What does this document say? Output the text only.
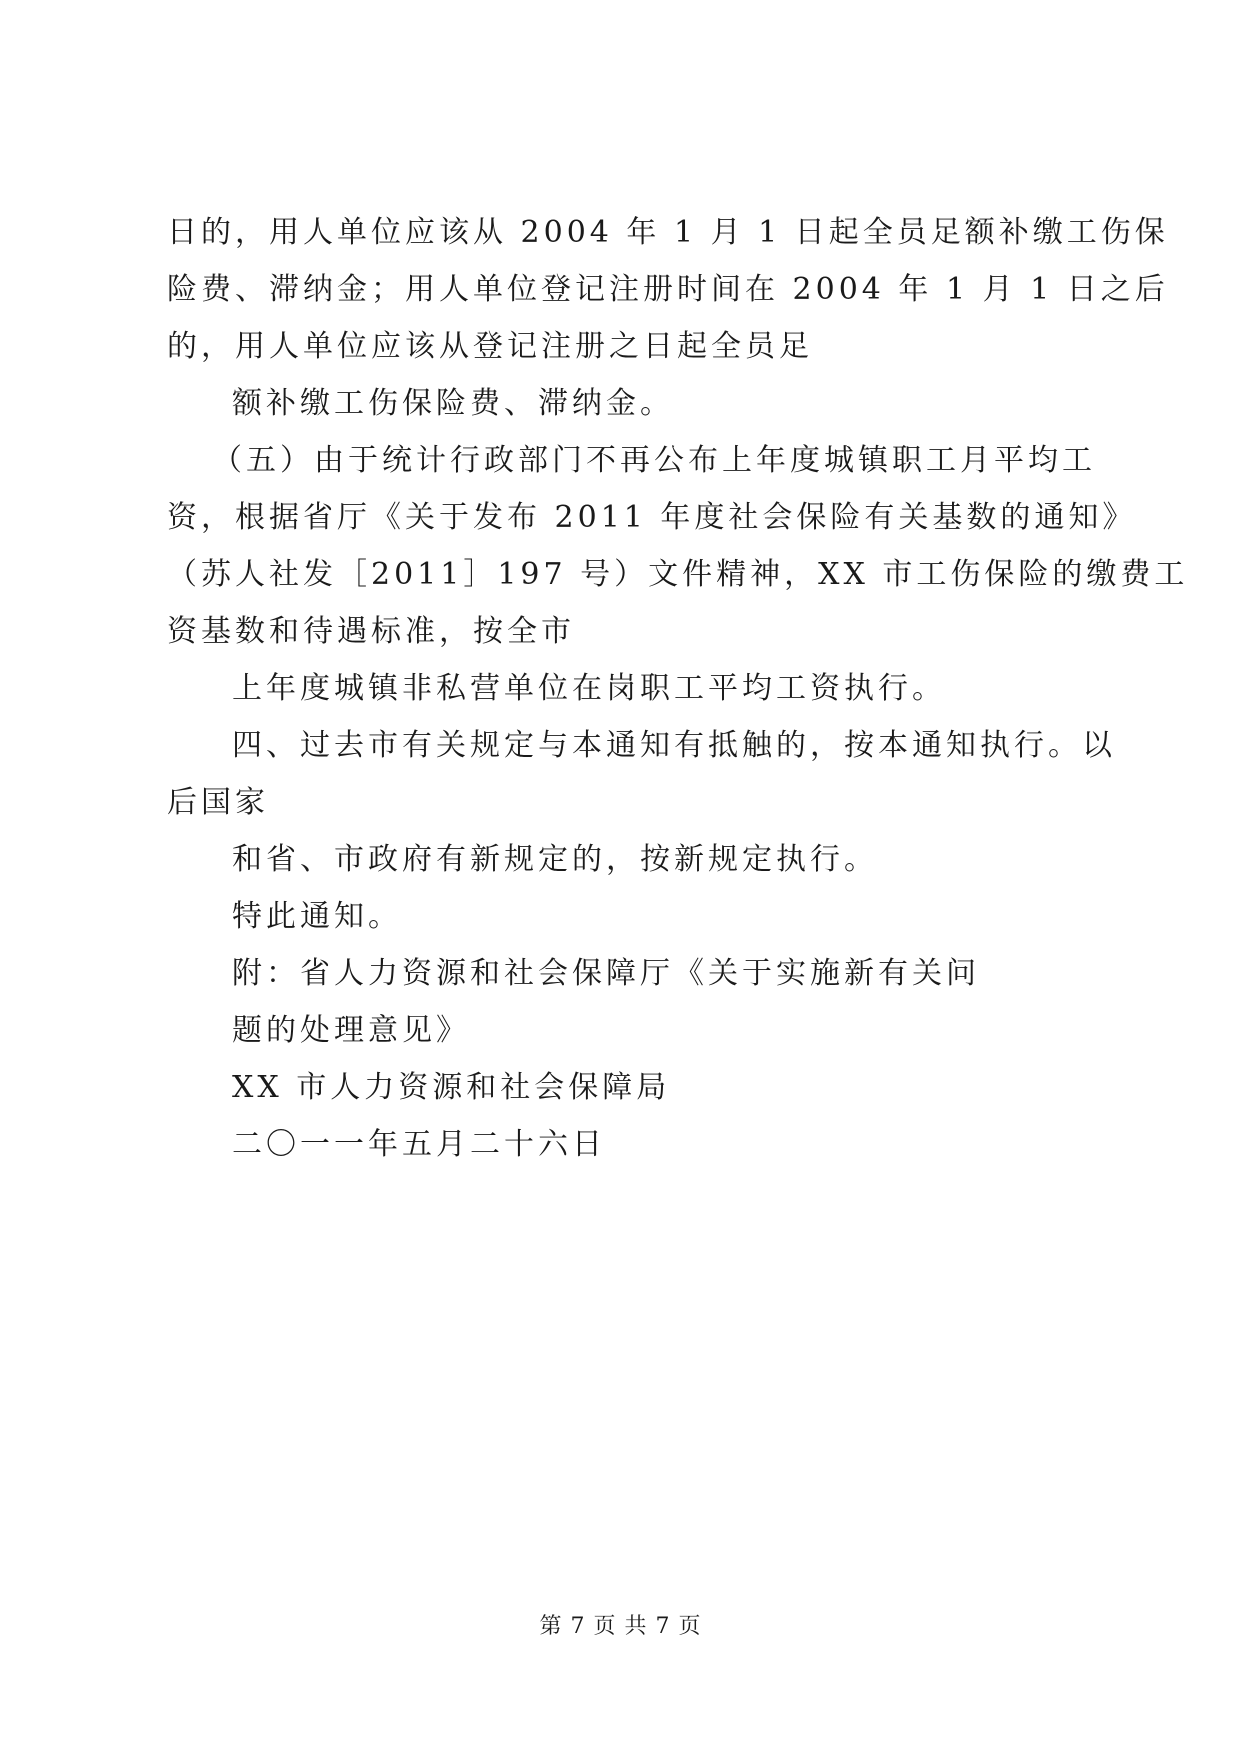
日的，用人单位应该从 2004 年 1 月 1 日起全员足额补缴工伤保
险费、滞纳金；用人单位登记注册时间在 2004 年 1 月 1 日之后
的，用人单位应该从登记注册之日起全员足
额补缴工伤保险费、滞纳金。
（五）由于统计行政部门不再公布上年度城镇职工月平均工
资，根据省厅《关于发布 2011 年度社会保险有关基数的通知》
（苏人社发［2011］197 号）文件精神，XX 市工伤保险的缴费工
资基数和待遇标准，按全市
上年度城镇非私营单位在岗职工平均工资执行。
四、过去市有关规定与本通知有抵触的，按本通知执行。以
后国家
和省、市政府有新规定的，按新规定执行。
特此通知。
附：省人力资源和社会保障厅《关于实施新有关问
题的处理意见》
XX 市人力资源和社会保障局
二〇一一年五月二十六日
第 7 页 共 7 页
